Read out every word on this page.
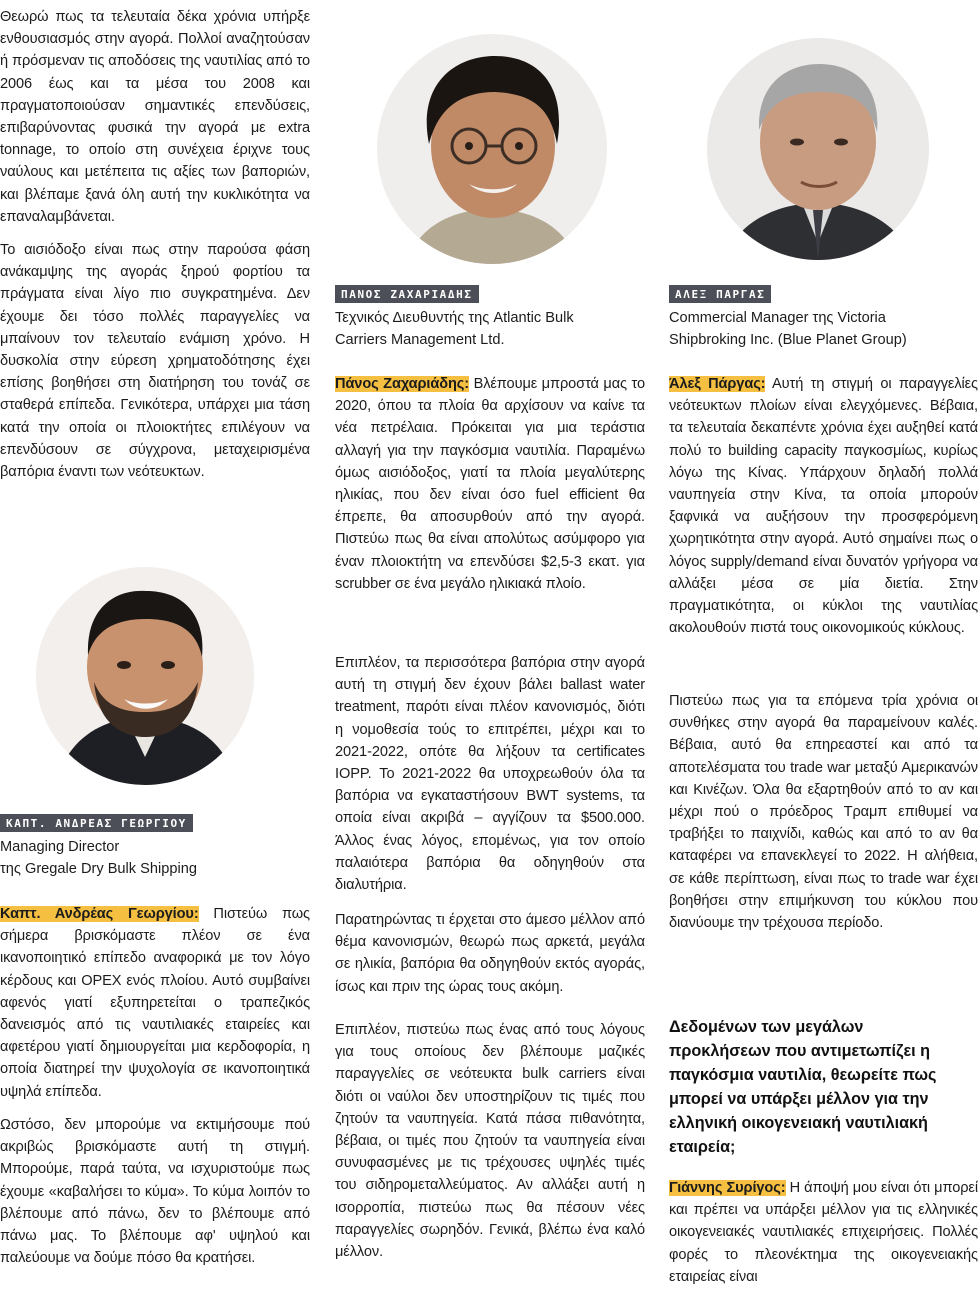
Θεωρώ πως τα τελευταία δέκα χρόνια υπήρξε ενθουσιασμός στην αγορά. Πολλοί αναζητούσαν ή πρόσμεναν τις αποδόσεις της ναυτιλίας από το 2006 έως και τα μέσα του 2008 και πραγματοποιούσαν σημαντικές επενδύσεις, επιβαρύνοντας φυσικά την αγορά με extra tonnage, το οποίο στη συνέχεια έριχνε τους ναύλους και μετέπειτα τις αξίες των βαποριών, και βλέπαμε ξανά όλη αυτή την κυκλικότητα να επαναλαμβάνεται.

Το αισιόδοξο είναι πως στην παρούσα φάση ανάκαμψης της αγοράς ξηρού φορτίου τα πράγματα είναι λίγο πιο συγκρατημένα. Δεν έχουμε δει τόσο πολλές παραγγελίες να μπαίνουν τον τελευταίο ενάμιση χρόνο. Η δυσκολία στην εύρεση χρηματοδότησης έχει επίσης βοηθήσει στη διατήρηση του τονάζ σε σταθερά επίπεδα. Γενικότερα, υπάρχει μια τάση κατά την οποία οι πλοιοκτήτες επιλέγουν να επενδύσουν σε σύγχρονα, μεταχειρισμένα βαπόρια έναντι των νεότευκτων.

ΚΑΠΤ. ΑΝΔΡΕΑΣ ΓΕΩΡΓΙΟΥ
Managing Director
της Gregale Dry Bulk Shipping

Καπτ. Ανδρέας Γεωργίου: Πιστεύω πως σήμερα βρισκόμαστε πλέον σε ένα ικανοποιητικό επίπεδο αναφορικά με τον λόγο κέρδους και OPEX ενός πλοίου. Αυτό συμβαίνει αφενός γιατί εξυπηρετείται ο τραπεζικός δανεισμός από τις ναυτιλιακές εταιρείες και αφετέρου γιατί δημιουργείται μια κερδοφορία, η οποία διατηρεί την ψυχολογία σε ικανοποιητικά υψηλά επίπεδα.

Ωστόσο, δεν μπορούμε να εκτιμήσουμε πού ακριβώς βρισκόμαστε αυτή τη στιγμή. Μπορούμε, παρά ταύτα, να ισχυριστούμε πως έχουμε «καβαλήσει το κύμα». Το κύμα λοιπόν το βλέπουμε από πάνω, δεν το βλέπουμε από πάνω μας. Το βλέπουμε αφ' υψηλού και παλεύουμε να δούμε πόσο θα κρατήσει.

ΠΑΝΟΣ ΖΑΧΑΡΙΑΔΗΣ
Τεχνικός Διευθυντής της Atlantic Bulk
Carriers Management Ltd.

Πάνος Ζαχαριάδης: Βλέπουμε μπροστά μας το 2020, όπου τα πλοία θα αρχίσουν να καίνε τα νέα πετρέλαια. Πρόκειται για μια τεράστια αλλαγή για την παγκόσμια ναυτιλία. Παραμένω όμως αισιόδοξος, γιατί τα πλοία μεγαλύτερης ηλικίας, που δεν είναι όσο fuel efficient θα έπρεπε, θα αποσυρθούν από την αγορά. Πιστεύω πως θα είναι απολύτως ασύμφορο για έναν πλοιοκτήτη να επενδύσει $2,5-3 εκατ. για scrubber σε ένα μεγάλο ηλικιακά πλοίο.

Επιπλέον, τα περισσότερα βαπόρια στην αγορά αυτή τη στιγμή δεν έχουν βάλει ballast water treatment, παρότι είναι πλέον κανονισμός, διότι η νομοθεσία τούς το επιτρέπει, μέχρι και το 2021-2022, οπότε θα λήξουν τα certificates IOPP. Το 2021-2022 θα υποχρεωθούν όλα τα βαπόρια να εγκαταστήσουν BWT systems, τα οποία είναι ακριβά – αγγίζουν τα $500.000. Άλλος ένας λόγος, επομένως, για τον οποίο παλαιότερα βαπόρια θα οδηγηθούν στα διαλυτήρια.

Παρατηρώντας τι έρχεται στο άμεσο μέλλον από θέμα κανονισμών, θεωρώ πως αρκετά, μεγάλα σε ηλικία, βαπόρια θα οδηγηθούν εκτός αγοράς, ίσως και πριν της ώρας τους ακόμη.

Επιπλέον, πιστεύω πως ένας από τους λόγους για τους οποίους δεν βλέπουμε μαζικές παραγγελίες σε νεότευκτα bulk carriers είναι διότι οι ναύλοι δεν υποστηρίζουν τις τιμές που ζητούν τα ναυπηγεία. Κατά πάσα πιθανότητα, βέβαια, οι τιμές που ζητούν τα ναυπηγεία είναι συνυφασμένες με τις τρέχουσες υψηλές τιμές του σιδηρομεταλλεύματος. Αν αλλάξει αυτή η ισορροπία, πιστεύω πως θα πέσουν νέες παραγγελίες σωρηδόν. Γενικά, βλέπω ένα καλό μέλλον.

ΑΛΕΞ ΠΑΡΓΑΣ
Commercial Manager της Victoria
Shipbroking Inc. (Blue Planet Group)

Άλεξ Πάργας: Αυτή τη στιγμή οι παραγγελίες νεότευκτων πλοίων είναι ελεγχόμενες. Βέβαια, τα τελευταία δεκαπέντε χρόνια έχει αυξηθεί κατά πολύ το building capacity παγκοσμίως, κυρίως λόγω της Κίνας. Υπάρχουν δηλαδή πολλά ναυπηγεία στην Κίνα, τα οποία μπορούν ξαφνικά να αυξήσουν την προσφερόμενη χωρητικότητα στην αγορά. Αυτό σημαίνει πως ο λόγος supply/demand είναι δυνατόν γρήγορα να αλλάξει μέσα σε μία διετία. Στην πραγματικότητα, οι κύκλοι της ναυτιλίας ακολουθούν πιστά τους οικονομικούς κύκλους.

Πιστεύω πως για τα επόμενα τρία χρόνια οι συνθήκες στην αγορά θα παραμείνουν καλές. Βέβαια, αυτό θα επηρεαστεί και από τα αποτελέσματα του trade war μεταξύ Αμερικανών και Κινέζων. Όλα θα εξαρτηθούν από το αν και μέχρι πού ο πρόεδρος Τραμπ επιθυμεί να τραβήξει το παιχνίδι, καθώς και από το αν θα καταφέρει να επανεκλεγεί το 2022. Η αλήθεια, σε κάθε περίπτωση, είναι πως το trade war έχει βοηθήσει στην επιμήκυνση του κύκλου που διανύουμε την τρέχουσα περίοδο.

Δεδομένων των μεγάλων προκλήσεων που αντιμετωπίζει η παγκόσμια ναυτιλία, θεωρείτε πως μπορεί να υπάρξει μέλλον για την ελληνική οικογενειακή ναυτιλιακή εταιρεία;

Γιάννης Συρίγος: Η άποψή μου είναι ότι μπορεί και πρέπει να υπάρξει μέλλον για τις ελληνικές οικογενειακές ναυτιλιακές επιχειρήσεις. Πολλές φορές το πλεονέκτημα της οικογενειακής εταιρείας είναι
